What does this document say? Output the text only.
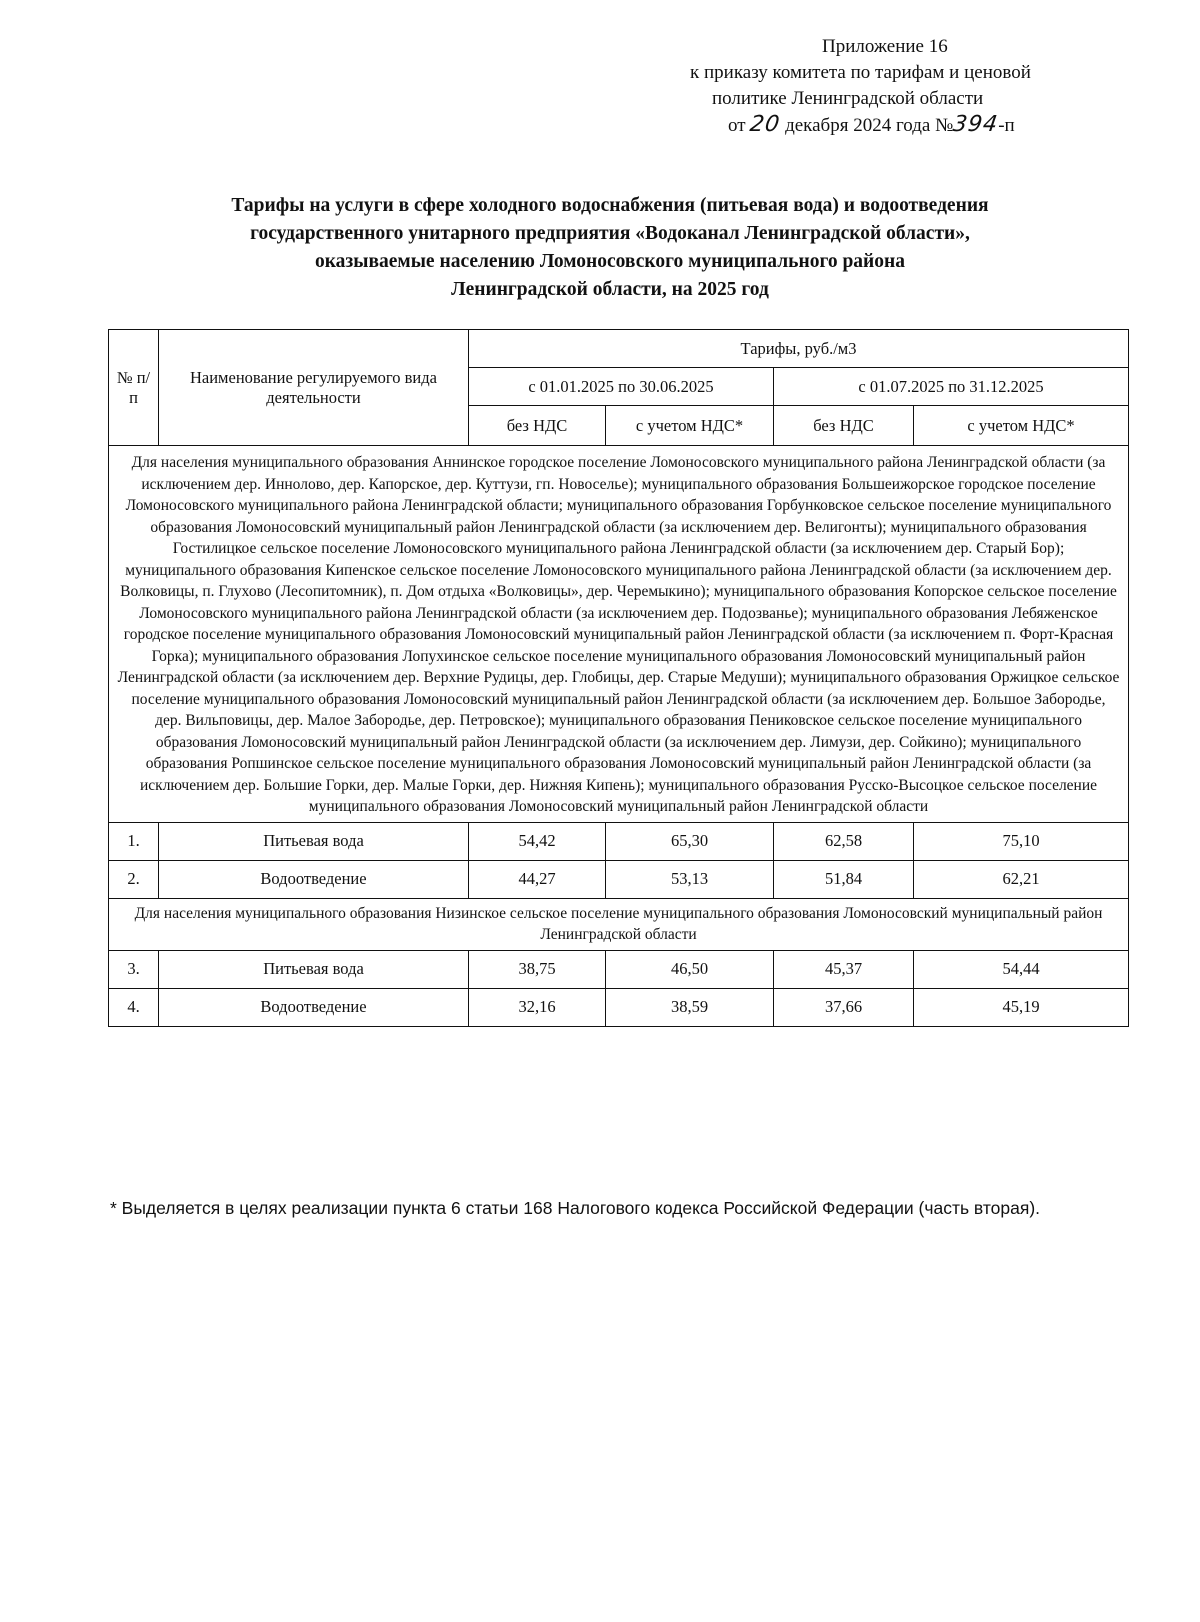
Приложение 16
к приказу комитета по тарифам и ценовой
политике Ленинградской области
от 20 декабря 2024 года №394-п
Тарифы на услуги в сфере холодного водоснабжения (питьевая вода) и водоотведения
государственного унитарного предприятия «Водоканал Ленинградской области»,
оказываемые населению Ломоносовского муниципального района
Ленинградской области, на 2025 год
№ п/п	Наименование регулируемого вида деятельности	Тарифы, руб./м3			
		с 01.01.2025 по 30.06.2025		с 01.07.2025 по 31.12.2025	
		без НДС	с учетом НДС*	без НДС	с учетом НДС*
Для населения муниципального образования Аннинское городское поселение Ломоносовского муниципального района Ленинградской области (за исключением дер. Иннолово, дер. Капорское, дер. Куттузи, гп. Новоселье); муниципального образования Большеижорское городское поселение Ломоносовского муниципального района Ленинградской области; муниципального образования Горбунковское сельское поселение муниципального образования Ломоносовский муниципальный район Ленинградской области (за исключением дер. Велигонты); муниципального образования Гостилицкое сельское поселение Ломоносовского муниципального района Ленинградской области (за исключением дер. Старый Бор); муниципального образования Кипенское сельское поселение Ломоносовского муниципального района Ленинградской области (за исключением дер. Волковицы, п. Глухово (Лесопитомник), п. Дом отдыха «Волковицы», дер. Черемыкино); муниципального образования Копорское сельское поселение Ломоносовского муниципального района Ленинградской области (за исключением дер. Подозванье); муниципального образования Лебяженское городское поселение муниципального образования Ломоносовский муниципальный район Ленинградской области (за исключением п. Форт-Красная Горка); муниципального образования Лопухинское сельское поселение муниципального образования Ломоносовский муниципальный район Ленинградской области (за исключением дер. Верхние Рудицы, дер. Глобицы, дер. Старые Медуши); муниципального образования Оржицкое сельское поселение муниципального образования Ломоносовский муниципальный район Ленинградской области (за исключением дер. Большое Забородье, дер. Вильповицы, дер. Малое Забородье, дер. Петровское); муниципального образования Пениковское сельское поселение муниципального образования Ломоносовский муниципальный район Ленинградской области (за исключением дер. Лимузи, дер. Сойкино); муниципального образования Ропшинское сельское поселение муниципального образования Ломоносовский муниципальный район Ленинградской области (за исключением дер. Большие Горки, дер. Малые Горки, дер. Нижняя Кипень); муниципального образования Русско-Высоцкое сельское поселение муниципального образования Ломоносовский муниципальный район Ленинградской области					
1.	Питьевая вода	54,42	65,30	62,58	75,10
2.	Водоотведение	44,27	53,13	51,84	62,21
Для населения муниципального образования Низинское сельское поселение муниципального образования Ломоносовский муниципальный район Ленинградской области					
3.	Питьевая вода	38,75	46,50	45,37	54,44
4.	Водоотведение	32,16	38,59	37,66	45,19
* Выделяется в целях реализации пункта 6 статьи 168 Налогового кодекса Российской Федерации (часть вторая).
